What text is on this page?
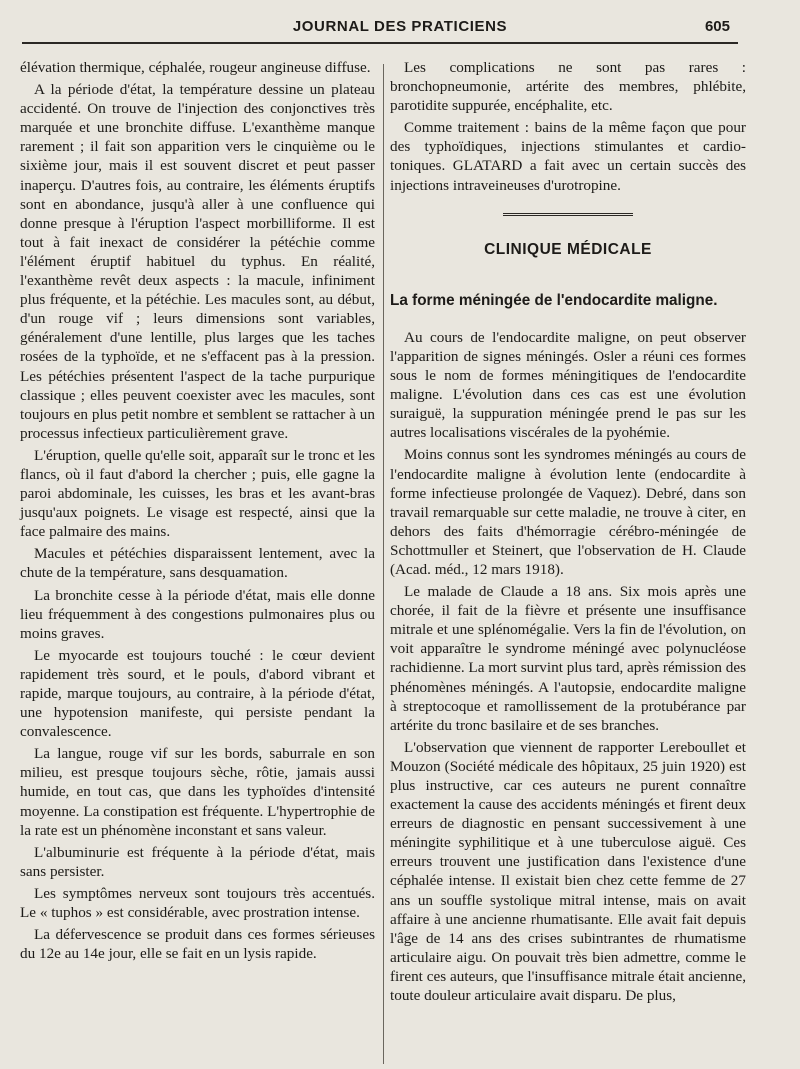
JOURNAL DES PRATICIENS	605

élévation thermique, céphalée, rougeur angineuse diffuse.

A la période d'état, la température dessine un plateau accidenté. On trouve de l'injection des conjonctives très marquée et une bronchite diffuse. L'exanthème manque rarement ; il fait son apparition vers le cinquième ou le sixième jour, mais il est souvent discret et peut passer inaperçu. D'autres fois, au contraire, les éléments éruptifs sont en abondance, jusqu'à aller à une confluence qui donne presque à l'éruption l'aspect morbilliforme. Il est tout à fait inexact de considérer la pétéchie comme l'élément éruptif habituel du typhus. En réalité, l'exanthème revêt deux aspects : la macule, infiniment plus fréquente, et la pétéchie. Les macules sont, au début, d'un rouge vif ; leurs dimensions sont variables, généralement d'une lentille, plus larges que les taches rosées de la typhoïde, et ne s'effacent pas à la pression. Les pétéchies présentent l'aspect de la tache purpurique classique ; elles peuvent coexister avec les macules, sont toujours en plus petit nombre et semblent se rattacher à un processus infectieux particulièrement grave.

L'éruption, quelle qu'elle soit, apparaît sur le tronc et les flancs, où il faut d'abord la chercher ; puis, elle gagne la paroi abdominale, les cuisses, les bras et les avant-bras jusqu'aux poignets. Le visage est respecté, ainsi que la face palmaire des mains.

Macules et pétéchies disparaissent lentement, avec la chute de la température, sans desquamation.

La bronchite cesse à la période d'état, mais elle donne lieu fréquemment à des congestions pulmonaires plus ou moins graves.

Le myocarde est toujours touché : le cœur devient rapidement très sourd, et le pouls, d'abord vibrant et rapide, marque toujours, au contraire, à la période d'état, une hypotension manifeste, qui persiste pendant la convalescence.

La langue, rouge vif sur les bords, saburrale en son milieu, est presque toujours sèche, rôtie, jamais aussi humide, en tout cas, que dans les typhoïdes d'intensité moyenne. La constipation est fréquente. L'hypertrophie de la rate est un phénomène inconstant et sans valeur.

L'albuminurie est fréquente à la période d'état, mais sans persister.

Les symptômes nerveux sont toujours très accentués. Le « tuphos » est considérable, avec prostration intense.

La défervescence se produit dans ces formes sérieuses du 12e au 14e jour, elle se fait en un lysis rapide.

Les complications ne sont pas rares : bronchopneumonie, artérite des membres, phlébite, parotidite suppurée, encéphalite, etc.

Comme traitement : bains de la même façon que pour des typhoïdiques, injections stimulantes et cardio-toniques. GLATARD a fait avec un certain succès des injections intraveineuses d'urotropine.

CLINIQUE MÉDICALE
La forme méningée de l'endocardite maligne.

Au cours de l'endocardite maligne, on peut observer l'apparition de signes méningés. Osler a réuni ces formes sous le nom de formes méningitiques de l'endocardite maligne. L'évolution dans ces cas est une évolution suraiguë, la suppuration méningée prend le pas sur les autres localisations viscérales de la pyohémie.

Moins connus sont les syndromes méningés au cours de l'endocardite maligne à évolution lente (endocardite à forme infectieuse prolongée de Vaquez). Debré, dans son travail remarquable sur cette maladie, ne trouve à citer, en dehors des faits d'hémorragie cérébro-méningée de Schottmuller et Steinert, que l'observation de H. Claude (Acad. méd., 12 mars 1918).

Le malade de Claude a 18 ans. Six mois après une chorée, il fait de la fièvre et présente une insuffisance mitrale et une splénomégalie. Vers la fin de l'évolution, on voit apparaître le syndrome méningé avec polynucléose rachidienne. La mort survint plus tard, après rémission des phénomènes méningés. A l'autopsie, endocardite maligne à streptocoque et ramollissement de la protubérance par artérite du tronc basilaire et de ses branches.

L'observation que viennent de rapporter Lereboullet et Mouzon (Société médicale des hôpitaux, 25 juin 1920) est plus instructive, car ces auteurs ne purent connaître exactement la cause des accidents méningés et firent deux erreurs de diagnostic en pensant successivement à une méningite syphilitique et à une tuberculose aiguë. Ces erreurs trouvent une justification dans l'existence d'une céphalée intense. Il existait bien chez cette femme de 27 ans un souffle systolique mitral intense, mais on avait affaire à une ancienne rhumatisante. Elle avait fait depuis l'âge de 14 ans des crises subintrantes de rhumatisme articulaire aigu. On pouvait très bien admettre, comme le firent ces auteurs, que l'insuffisance mitrale était ancienne, toute douleur articulaire avait disparu. De plus,
